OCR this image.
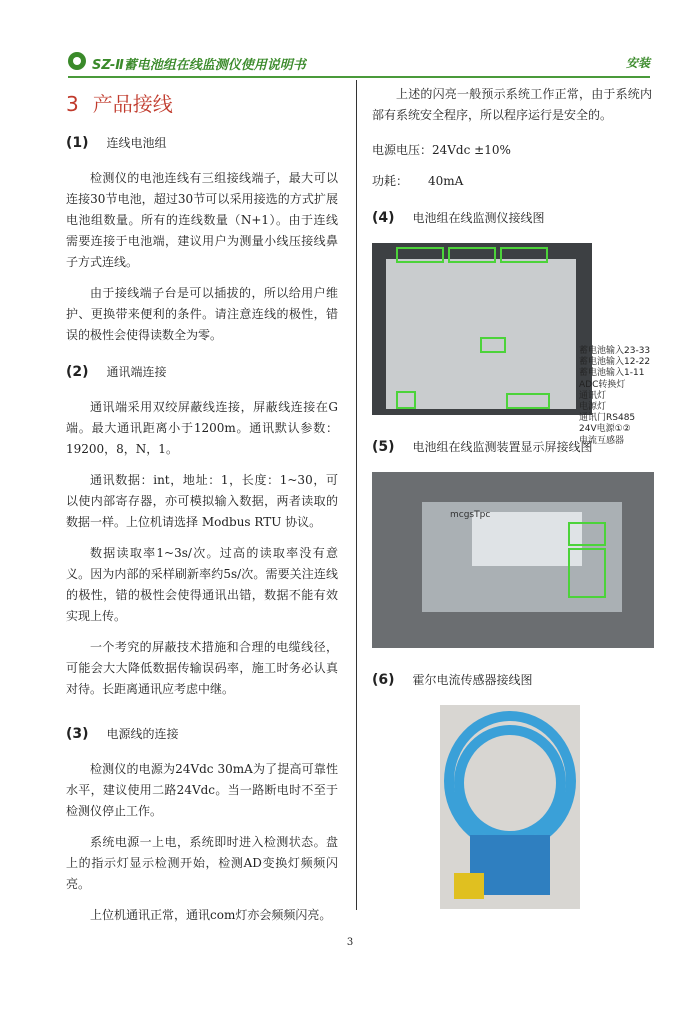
SZ-Ⅱ蓄电池组在线监测仪使用说明书	安装
3 产品接线
(1) 连线电池组

检测仪的电池连线有三组接线端子，最大可以连接30节电池，超过30节可以采用接选的方式扩展电池组数量。所有的连线数量（N+1）。由于连线需要连接于电池端，建议用户为测量小线压接线鼻子方式连线。

由于接线端子台是可以插拔的，所以给用户维护、更换带来便利的条件。请注意连线的极性，错误的极性会使得读数全为零。

(2) 通讯端连接

通讯端采用双绞屏蔽线连接，屏蔽线连接在G端。最大通讯距离小于1200m。通讯默认参数：19200，8，N，1。

通讯数据：int，地址：1，长度：1~30，可以使内部寄存器，亦可模拟输入数据，两者读取的数据一样。上位机请选择 Modbus RTU 协议。

数据读取率1~3s/次。过高的读取率没有意义。因为内部的采样刷新率约5s/次。需要关注连线的极性，错的极性会使得通讯出错，数据不能有效实现上传。

一个考究的屏蔽技术措施和合理的电缆线径，可能会大大降低数据传输误码率，施工时务必认真对待。长距离通讯应考虑中继。

(3) 电源线的连接

检测仪的电源为24Vdc 30mA为了提高可靠性水平，建议使用二路24Vdc。当一路断电时不至于检测仪停止工作。

系统电源一上电，系统即时进入检测状态。盘上的指示灯显示检测开始，检测AD变换灯频频闪亮。

上位机通讯正常，通讯com灯亦会频频闪亮。

上述的闪亮一般预示系统工作正常，由于系统内部有系统安全程序，所以程序运行是安全的。

电源电压：24Vdc ±10%

功耗： 40mA

(4) 电池组在线监测仪接线图
蓄电池输入23-33
蓄电池输入12-22
蓄电池输入1-11
ADC转换灯
通讯灯
电源灯
通讯门RS485
24V电源①②
电流互感器
(5) 电池组在线监测装置显示屏接线图
mcgsTpc
(6) 霍尔电流传感器接线图
3
